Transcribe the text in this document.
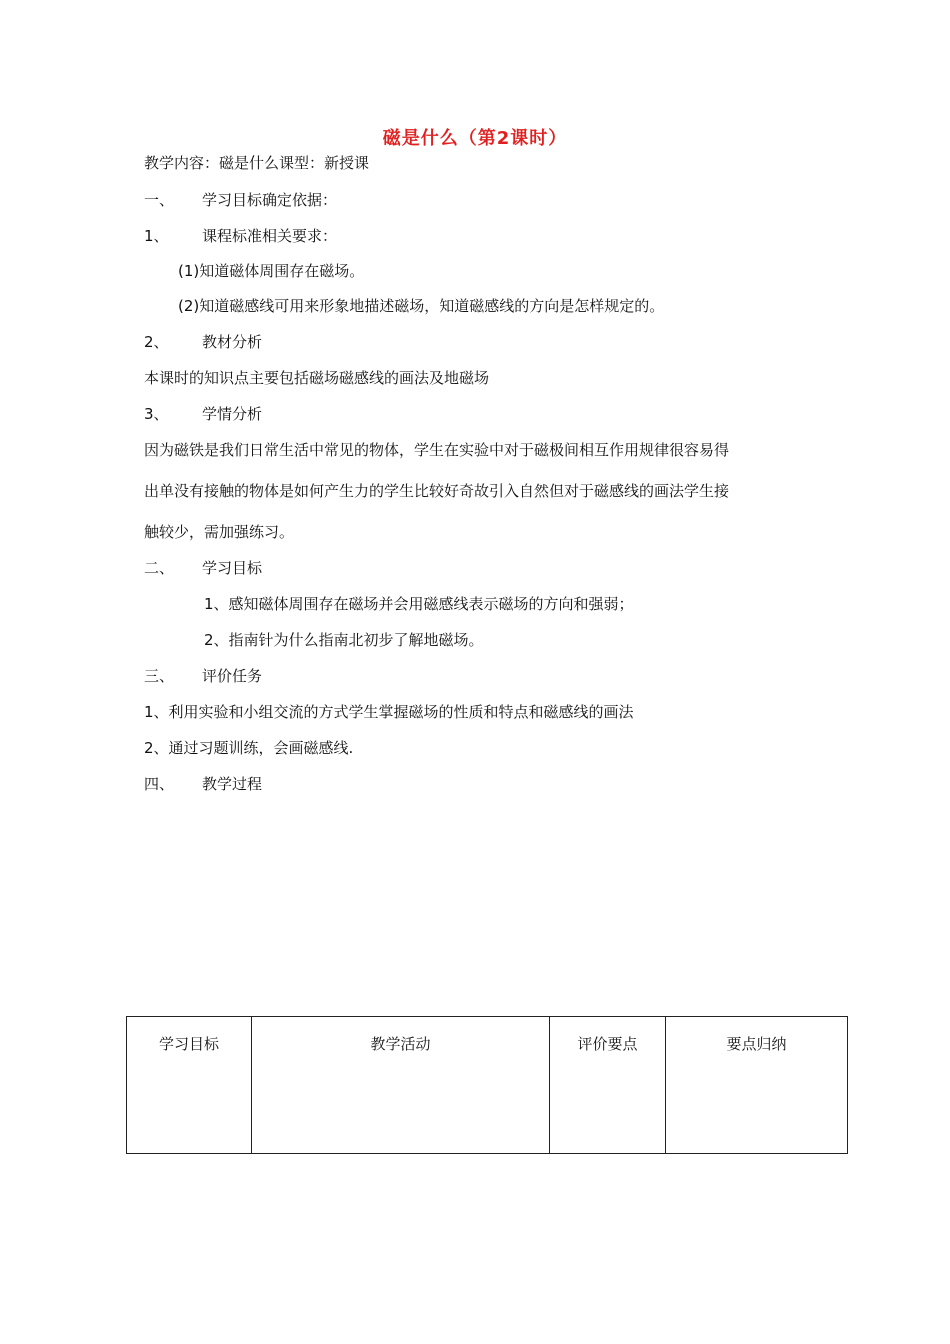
磁是什么（第2课时）
教学内容：磁是什么课型：新授课
一、 学习目标确定依据：
1、 课程标准相关要求：
(1)知道磁体周围存在磁场。
(2)知道磁感线可用来形象地描述磁场，知道磁感线的方向是怎样规定的。
2、 教材分析
本课时的知识点主要包括磁场磁感线的画法及地磁场
3、 学情分析
因为磁铁是我们日常生活中常见的物体，学生在实验中对于磁极间相互作用规律很容易得
出单没有接触的物体是如何产生力的学生比较好奇故引入自然但对于磁感线的画法学生接
触较少，需加强练习。
二、 学习目标
1、感知磁体周围存在磁场并会用磁感线表示磁场的方向和强弱；
2、指南针为什么指南北初步了解地磁场。
三、 评价任务
1、利用实验和小组交流的方式学生掌握磁场的性质和特点和磁感线的画法
2、通过习题训练，会画磁感线.
四、 教学过程
学习目标	教学活动	评价要点	要点归纳
